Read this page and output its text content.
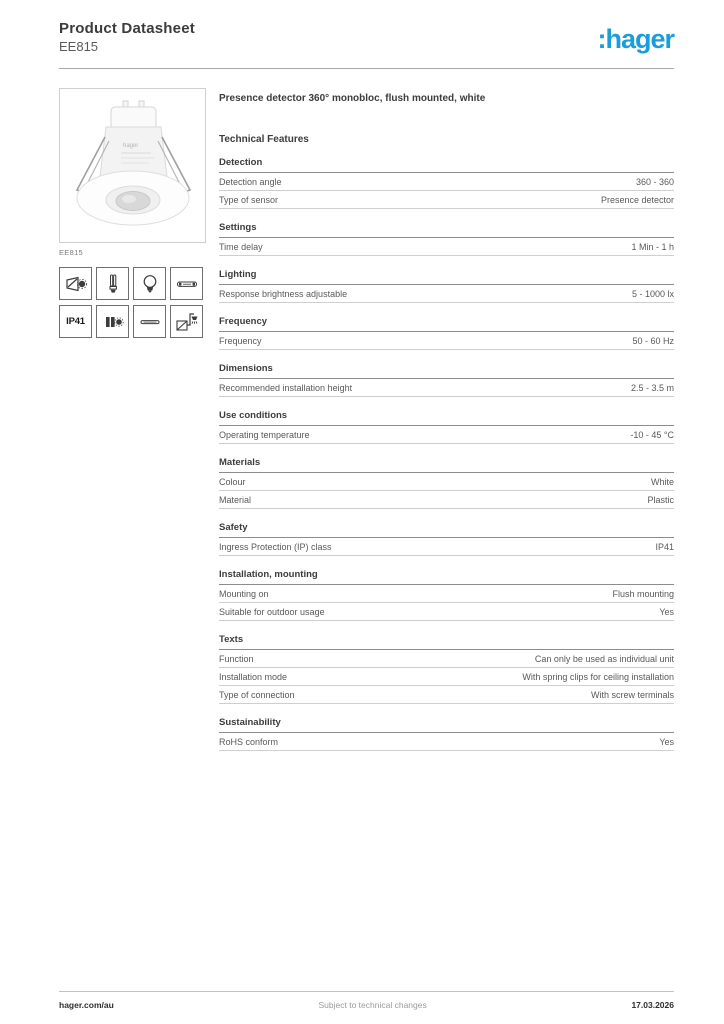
Product Datasheet
EE815	:hager
hager
EE815
IP41
Presence detector 360° monobloc, flush mounted, white
Technical Features
Detection
Detection angle	360 - 360
Type of sensor	Presence detector
Settings
Time delay	1 Min - 1 h
Lighting
Response brightness adjustable	5 - 1000 lx
Frequency
Frequency	50 - 60 Hz
Dimensions
Recommended installation height	2.5 - 3.5 m
Use conditions
Operating temperature	-10 - 45 °C
Materials
Colour	White
Material	Plastic
Safety
Ingress Protection (IP) class	IP41
Installation, mounting
Mounting on	Flush mounting
Suitable for outdoor usage	Yes
Texts
Function	Can only be used as individual unit
Installation mode	With spring clips for ceiling installation
Type of connection	With screw terminals
Sustainability
RoHS conform	Yes
hager.com/au	Subject to technical changes	17.03.2026
